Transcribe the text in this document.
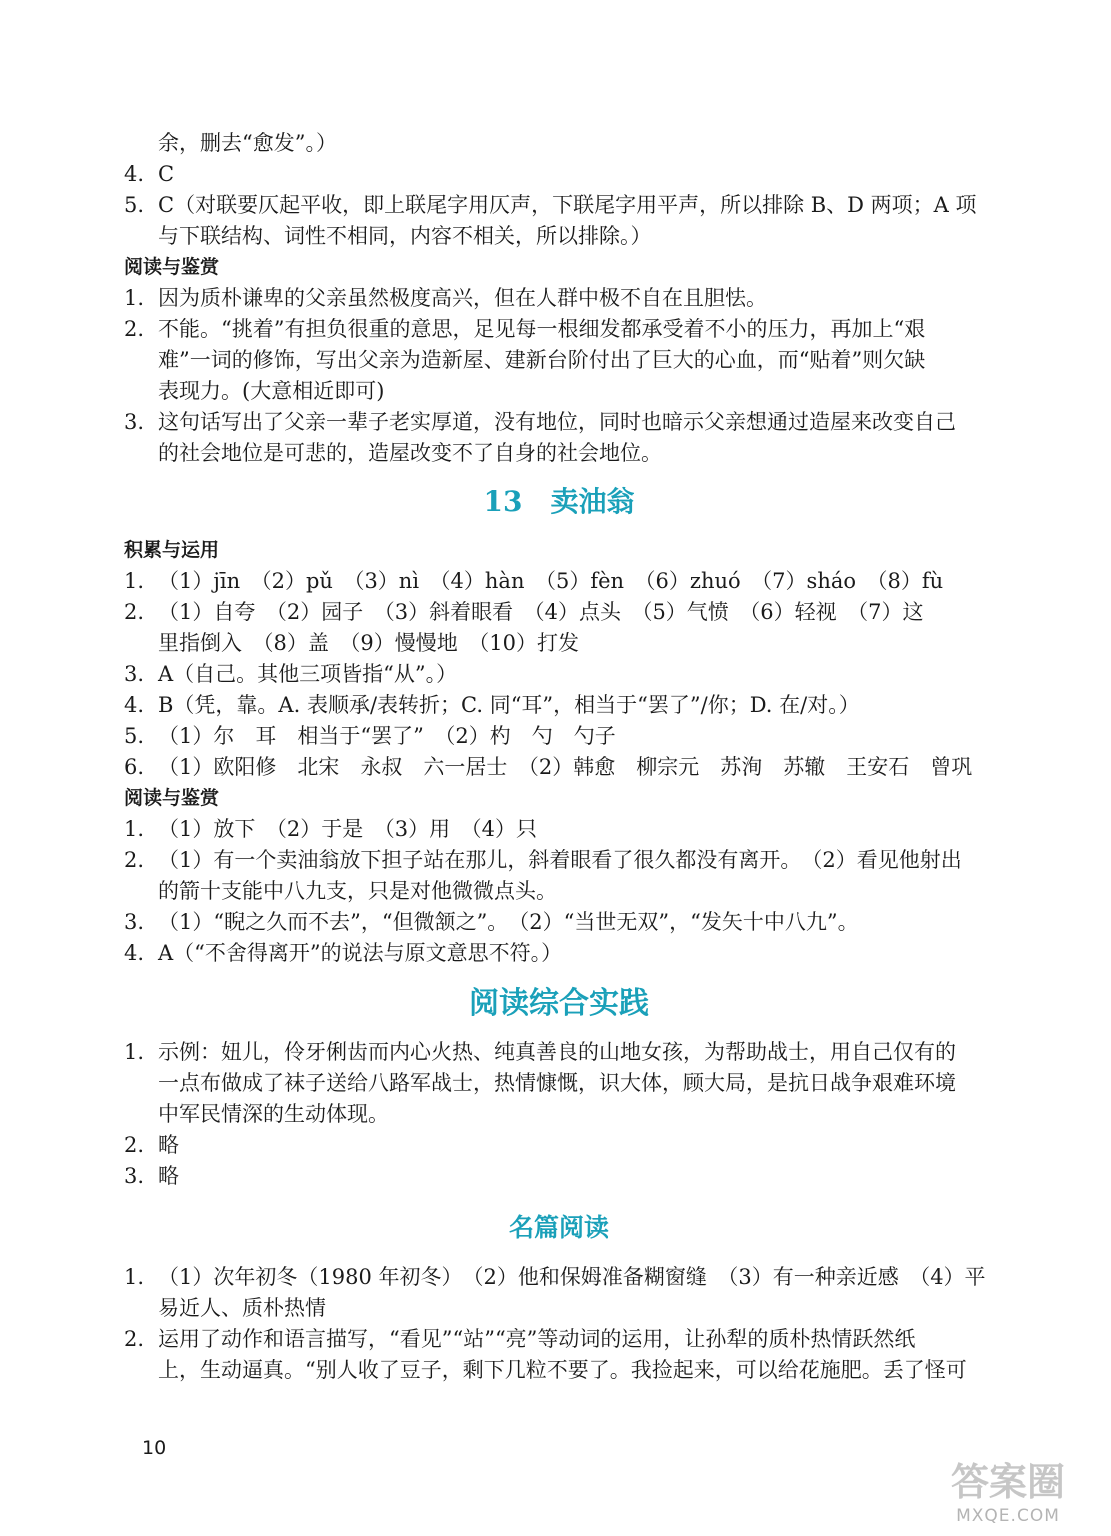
余，删去“愈发”。）
4. C
5. C（对联要仄起平收，即上联尾字用仄声，下联尾字用平声，所以排除 B、D 两项；A 项
与下联结构、词性不相同，内容不相关，所以排除。）
阅读与鉴赏
1. 因为质朴谦卑的父亲虽然极度高兴，但在人群中极不自在且胆怯。
2. 不能。“挑着”有担负很重的意思，足见每一根细发都承受着不小的压力，再加上“艰
难”一词的修饰，写出父亲为造新屋、建新台阶付出了巨大的心血，而“贴着”则欠缺
表现力。(大意相近即可)
3. 这句话写出了父亲一辈子老实厚道，没有地位，同时也暗示父亲想通过造屋来改变自己
的社会地位是可悲的，造屋改变不了自身的社会地位。
13　卖油翁
积累与运用
1. （1）jīn　（2）pǔ　（3）nì　（4）hàn　（5）fèn　（6）zhuó　（7）sháo　（8）fù
2. （1）自夸　（2）园子　（3）斜着眼看　（4）点头　（5）气愤　（6）轻视　（7）这
里指倒入　（8）盖　（9）慢慢地　（10）打发
3. A（自己。其他三项皆指“从”。）
4. B（凭，靠。A. 表顺承/表转折；C. 同“耳”，相当于“罢了”/你；D. 在/对。）
5. （1）尔　耳　相当于“罢了”　（2）杓　勺　勺子
6. （1）欧阳修　北宋　永叔　六一居士　（2）韩愈　柳宗元　苏洵　苏辙　王安石　曾巩
阅读与鉴赏
1. （1）放下　（2）于是　（3）用　（4）只
2. （1）有一个卖油翁放下担子站在那儿，斜着眼看了很久都没有离开。　（2）看见他射出
的箭十支能中八九支，只是对他微微点头。
3. （1）“睨之久而不去”，“但微颔之”。　（2）“当世无双”，“发矢十中八九”。
4. A（“不舍得离开”的说法与原文意思不符。）
阅读综合实践
1. 示例：妞儿，伶牙俐齿而内心火热、纯真善良的山地女孩，为帮助战士，用自己仅有的
一点布做成了袜子送给八路军战士，热情慷慨，识大体，顾大局，是抗日战争艰难环境
中军民情深的生动体现。
2. 略
3. 略
名篇阅读
1. （1）次年初冬（1980 年初冬）　（2）他和保姆准备糊窗缝　（3）有一种亲近感　（4）平
易近人、质朴热情
2. 运用了动作和语言描写，“看见”“站”“亮”等动词的运用，让孙犁的质朴热情跃然纸
上，生动逼真。“别人收了豆子，剩下几粒不要了。我捡起来，可以给花施肥。丢了怪可
10
答案圈
MXQE.COM
